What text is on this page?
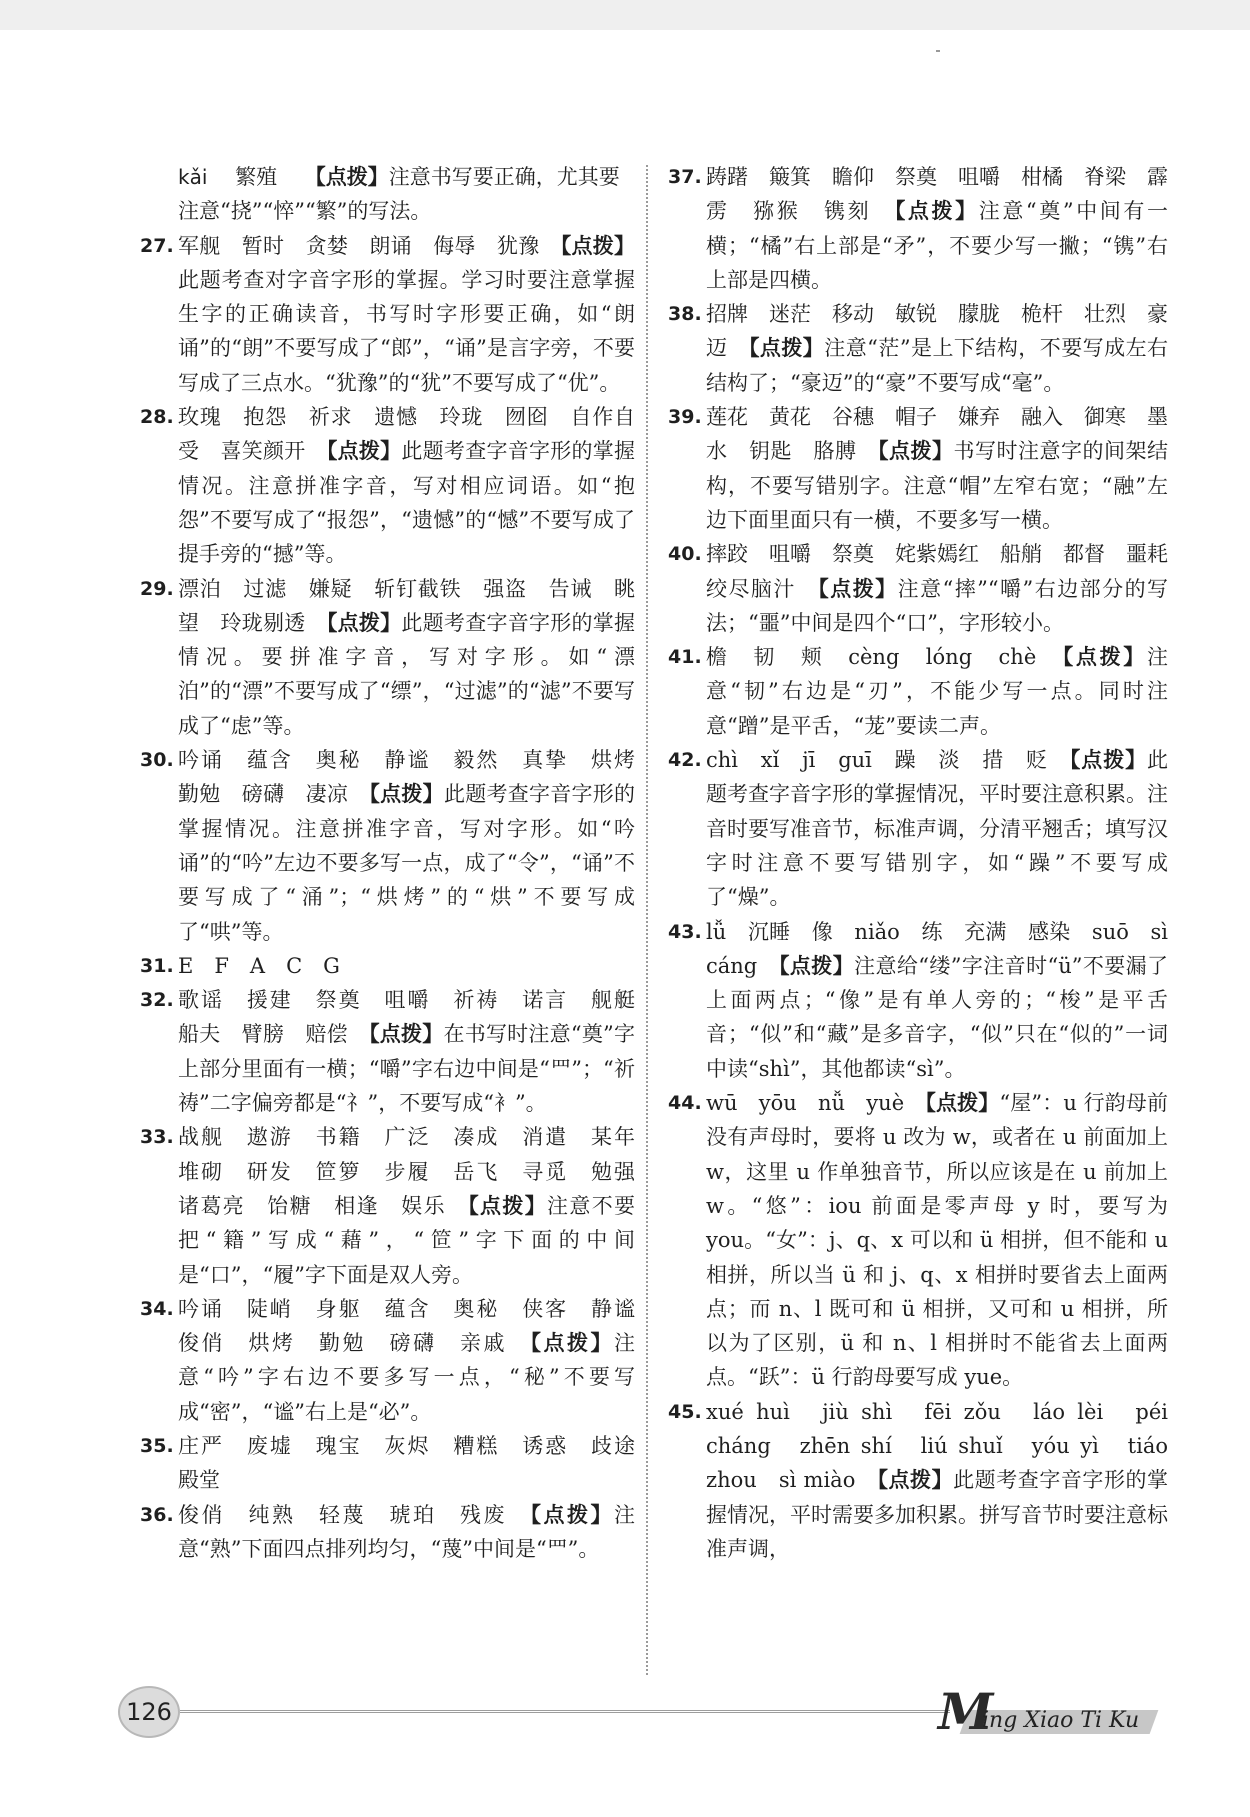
kǎi　 繁殖　 【点拨】注意书写要正确，尤其要注意“挠”“悴”“繁”的写法。

27. 军舰　暂时　贪婪　朗诵　侮辱　犹豫　 【点拨】此题考查对字音字形的掌握。学习时要注意掌握生字的正确读音，书写时字形要正确，如“朗诵”的“朗”不要写成了“郎”，“诵”是言字旁，不要写成了三点水。“犹豫”的“犹”不要写成了“优”。

28. 玫瑰　抱怨　祈求　遗憾　玲珑　囫囵　自作自受　喜笑颜开　 【点拨】此题考查字音字形的掌握情况。注意拼准字音，写对相应词语。如“抱怨”不要写成了“报怨”，“遗憾”的“憾”不要写成了提手旁的“撼”等。

29. 漂泊　过滤　嫌疑　斩钉截铁　强盗　告诫　眺望　玲珑剔透　 【点拨】此题考查字音字形的掌握情况。要拼准字音，写对字形。如“漂泊”的“漂”不要写成了“缥”，“过滤”的“滤”不要写成了“虑”等。

30. 吟诵　蕴含　奥秘　静谧　毅然　真挚　烘烤　勤勉　磅礴　凄凉　 【点拨】此题考查字音字形的掌握情况。注意拼准字音，写对字形。如“吟诵”的“吟”左边不要多写一点，成了“令”，“诵”不要写成了“涌”；“烘烤”的“烘”不要写成了“哄”等。

31. E　F　A　C　G

32. 歌谣　援建　祭奠　咀嚼　祈祷　诺言　舰艇　船夫　臂膀　赔偿　 【点拨】在书写时注意“奠”字上部分里面有一横；“嚼”字右边中间是“罒”；“祈祷”二字偏旁都是“礻”，不要写成“衤”。

33. 战舰　遨游　书籍　广泛　凑成　消遣　某年　堆砌　研发　笸箩　步履　岳飞　寻觅　勉强　诸葛亮　饴糖　相逢　娱乐　 【点拨】注意不要把“籍”写成“藉”，“笸”字下面的中间是“口”，“履”字下面是双人旁。

34. 吟诵　陡峭　身躯　蕴含　奥秘　侠客　静谧　俊俏　烘烤　勤勉　磅礴　亲戚　 【点拨】注意“吟”字右边不要多写一点，“秘”不要写成“密”，“谧”右上是“必”。

35. 庄严　废墟　瑰宝　灰烬　糟糕　诱惑　歧途　殿堂

36. 俊俏　纯熟　轻蔑　琥珀　残废　 【点拨】注意“熟”下面四点排列均匀，“蔑”中间是“罒”。

37. 踌躇　簸箕　瞻仰　祭奠　咀嚼　柑橘　脊梁　霹雳　猕猴　镌刻　 【点拨】注意“奠”中间有一横；“橘”右上部是“矛”，不要少写一撇；“镌”右上部是四横。

38. 招牌　迷茫　移动　敏锐　朦胧　桅杆　壮烈　豪迈　 【点拨】注意“茫”是上下结构，不要写成左右结构了；“豪迈”的“豪”不要写成“毫”。

39. 莲花　黄花　谷穗　帽子　嫌弃　融入　御寒　墨水　钥匙　胳膊　 【点拨】书写时注意字的间架结构，不要写错别字。注意“帽”左窄右宽；“融”左边下面里面只有一横，不要多写一横。

40. 摔跤　咀嚼　祭奠　姹紫嫣红　船艄　都督　噩耗　绞尽脑汁　 【点拨】注意“摔”“嚼”右边部分的写法；“噩”中间是四个“口”，字形较小。

41. 檐　韧　颊　cèng　lóng　chè　 【点拨】注意“韧”右边是“刃”，不能少写一点。同时注意“蹭”是平舌，“茏”要读二声。

42. chì　xǐ　jī　guī　躁　淡　措　贬　 【点拨】此题考查字音字形的掌握情况，平时要注意积累。注音时要写准音节，标准声调，分清平翘舌；填写汉字时注意不要写错别字，如“躁”不要写成了“燥”。

43. lǚ　沉睡　像　niǎo　练　充满　感染　suō　sì　cáng　 【点拨】注意给“缕”字注音时“ü”不要漏了上面两点；“像”是有单人旁的；“梭”是平舌音；“似”和“藏”是多音字，“似”只在“似的”一词中读“shì”，其他都读“sì”。

44. wū　yōu　nǚ　yuè　 【点拨】“屋”：u 行韵母前没有声母时，要将 u 改为 w，或者在 u 前面加上 w，这里 u 作单独音节，所以应该是在 u 前加上 w。“悠”：iou 前面是零声母 y 时，要写为 you。“女”：j、q、x 可以和 ü 相拼，但不能和 u 相拼，所以当 ü 和 j、q、x 相拼时要省去上面两点；而 n、l 既可和 ü 相拼，又可和 u 相拼，所以为了区别，ü 和 n、l 相拼时不能省去上面两点。“跃”：ü 行韵母要写成 yue。

45. xué huì　jiù shì　fēi zǒu　láo lèi　péi cháng　zhēn shí　liú shuǐ　yóu yì　tiáo zhou　sì miào　 【点拨】此题考查字音字形的掌握情况，平时需要多加积累。拼写音节时要注意标准声调，

126	M
ing Xiao Ti Ku
